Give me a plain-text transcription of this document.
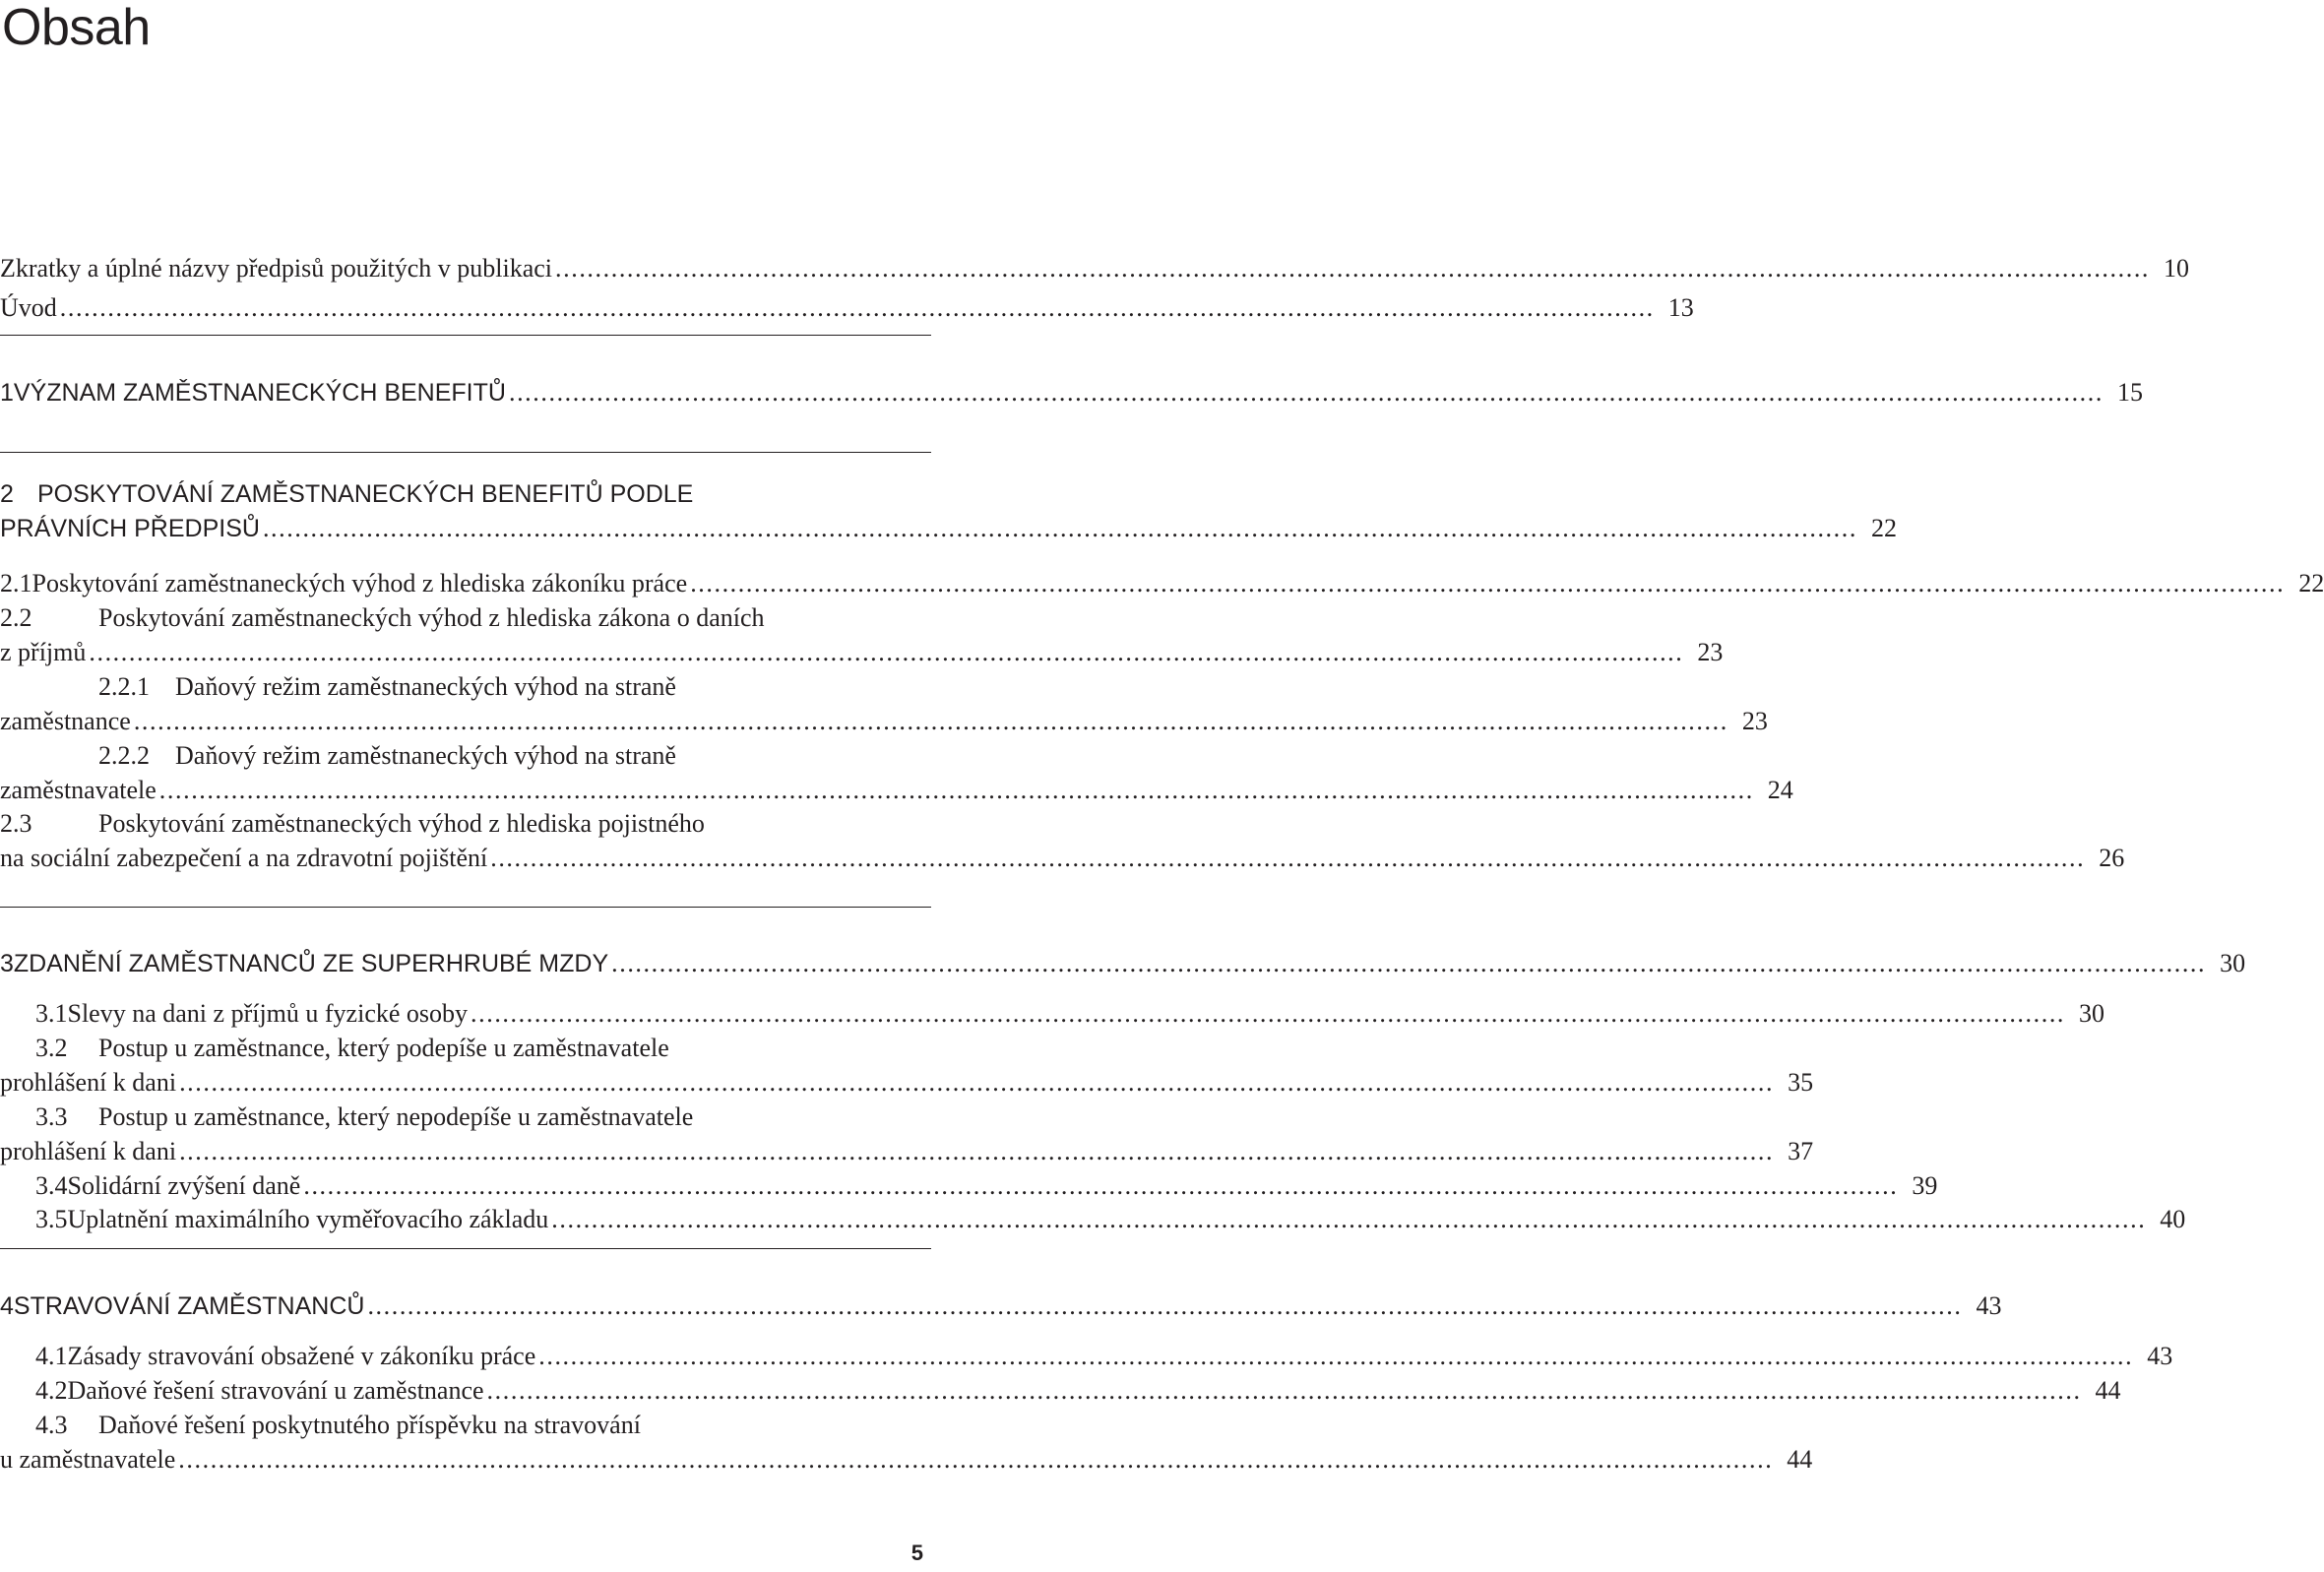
Obsah
Zkratky a úplné názvy předpisů použitých v publikaci ........................................................................................................................................................................................................ 10
Úvod ........................................................................................................................................................................................................ 13
1 VÝZNAM ZAMĚSTNANECKÝCH BENEFITŮ ........................................................................................................................................................................................................ 15
2 POSKYTOVÁNÍ ZAMĚSTNANECKÝCH BENEFITŮ PODLE
PRÁVNÍCH PŘEDPISŮ ........................................................................................................................................................................................................ 22
2.1 Poskytování zaměstnaneckých výhod z hlediska zákoníku práce ........................................................................................................................................................................................................ 22
2.2	Poskytování zaměstnaneckých výhod z hlediska zákona o daních
z příjmů ........................................................................................................................................................................................................ 23
2.2.1	Daňový režim zaměstnaneckých výhod na straně
zaměstnance ........................................................................................................................................................................................................ 23
2.2.2	Daňový režim zaměstnaneckých výhod na straně
zaměstnavatele ........................................................................................................................................................................................................ 24
2.3	Poskytování zaměstnaneckých výhod z hlediska pojistného
na sociální zabezpečení a na zdravotní pojištění ........................................................................................................................................................................................................ 26
3 ZDANĚNÍ ZAMĚSTNANCŮ ZE SUPERHRUBÉ MZDY ........................................................................................................................................................................................................ 30
3.1 Slevy na dani z příjmů u fyzické osoby ........................................................................................................................................................................................................ 30
3.2	Postup u zaměstnance, který podepíše u zaměstnavatele
prohlášení k dani ........................................................................................................................................................................................................ 35
3.3	Postup u zaměstnance, který nepodepíše u zaměstnavatele
prohlášení k dani ........................................................................................................................................................................................................ 37
3.4 Solidární zvýšení daně ........................................................................................................................................................................................................ 39
3.5 Uplatnění maximálního vyměřovacího základu ........................................................................................................................................................................................................ 40
4 STRAVOVÁNÍ ZAMĚSTNANCŮ ........................................................................................................................................................................................................ 43
4.1 Zásady stravování obsažené v zákoníku práce ........................................................................................................................................................................................................ 43
4.2 Daňové řešení stravování u zaměstnance ........................................................................................................................................................................................................ 44
4.3	Daňové řešení poskytnutého příspěvku na stravování
u zaměstnavatele ........................................................................................................................................................................................................ 44
5
